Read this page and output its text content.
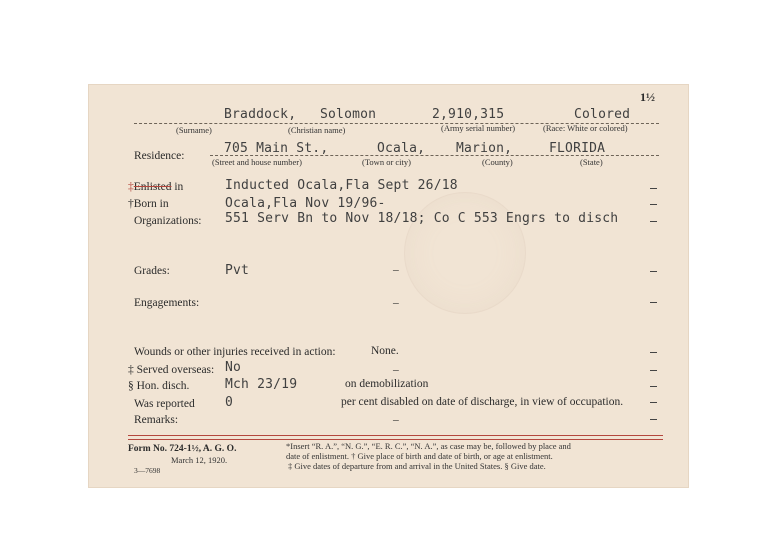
1½
Braddock, Solomon	2,910,315	Colored
(Surname)	(Christian name)	(Army serial number)	(Race: White or colored)
Residence:	705 Main St.,	Ocala, Marion,	FLORIDA
(Street and house number)	(Town or city)	(County)	(State)
‡Enlisted in	Inducted Ocala,Fla Sept 26/18
†Born in	Ocala,Fla Nov 19/96-
Organizations: 551 Serv Bn to Nov 18/18; Co C 553 Engrs to disch
Grades:	Pvt	–
Engagements:	–
Wounds or other injuries received in action:	None.
‡ Served overseas: No	–
§ Hon. disch.	Mch 23/19	on demobilization
Was reported 0	per cent disabled on date of discharge, in view of occupation.
Remarks:	–
Form No. 724-1½, A. G. O.
March 12, 1920.
3—7698
*Insert “R. A.”, “N. G.”, “E. R. C.”, “N. A.”, as case may be, followed by place and
date of enlistment. † Give place of birth and date of birth, or age at enlistment.
‡ Give dates of departure from and arrival in the United States. § Give date.
